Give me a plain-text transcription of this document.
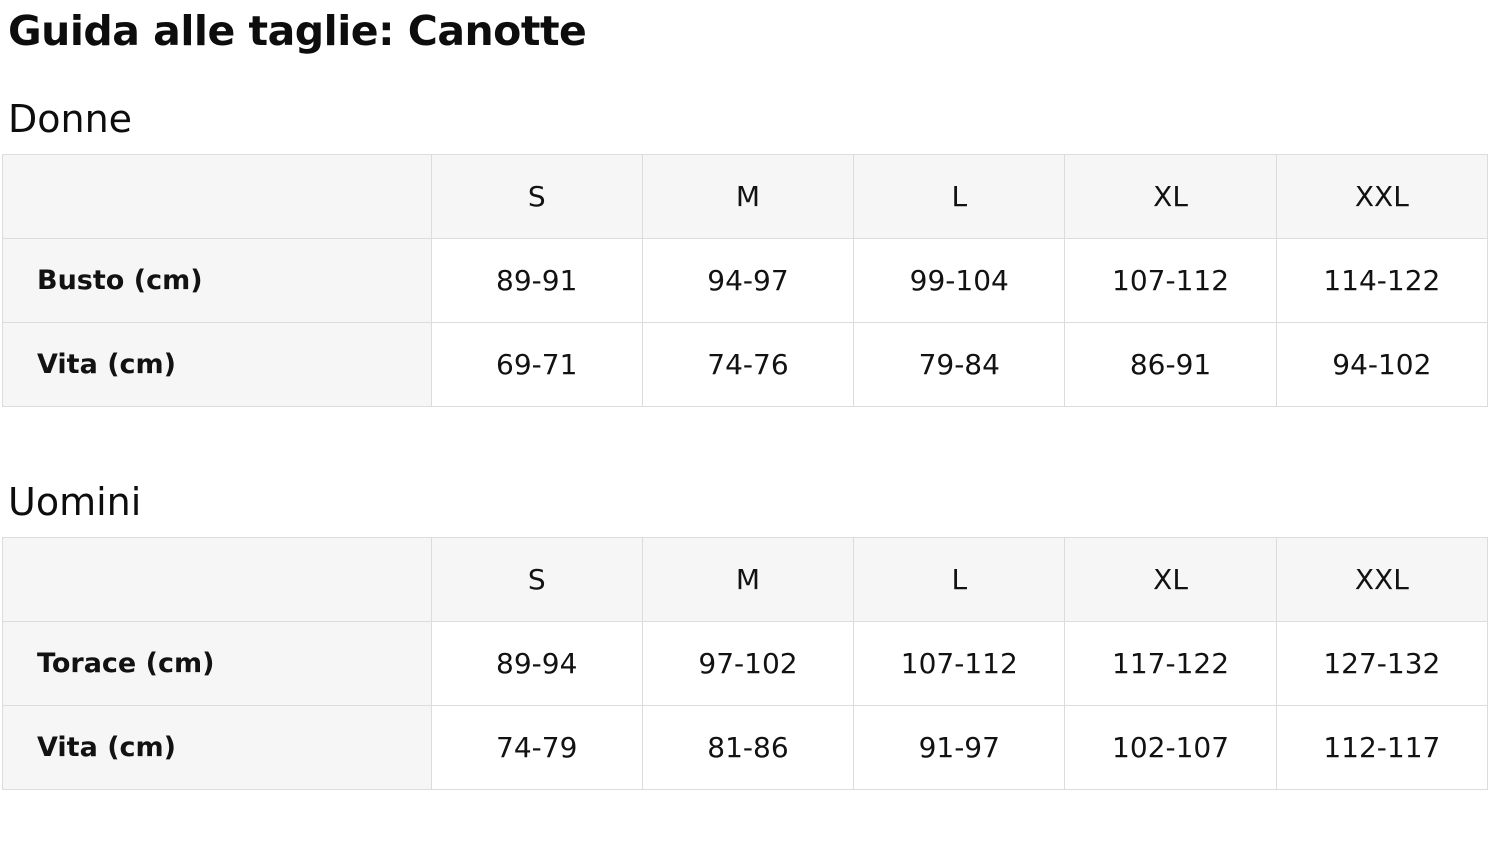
Guida alle taglie: Canotte
Donne
	S	M	L	XL	XXL
Busto (cm)	89-91	94-97	99-104	107-112	114-122
Vita (cm)	69-71	74-76	79-84	86-91	94-102
Uomini
	S	M	L	XL	XXL
Torace (cm)	89-94	97-102	107-112	117-122	127-132
Vita (cm)	74-79	81-86	91-97	102-107	112-117
